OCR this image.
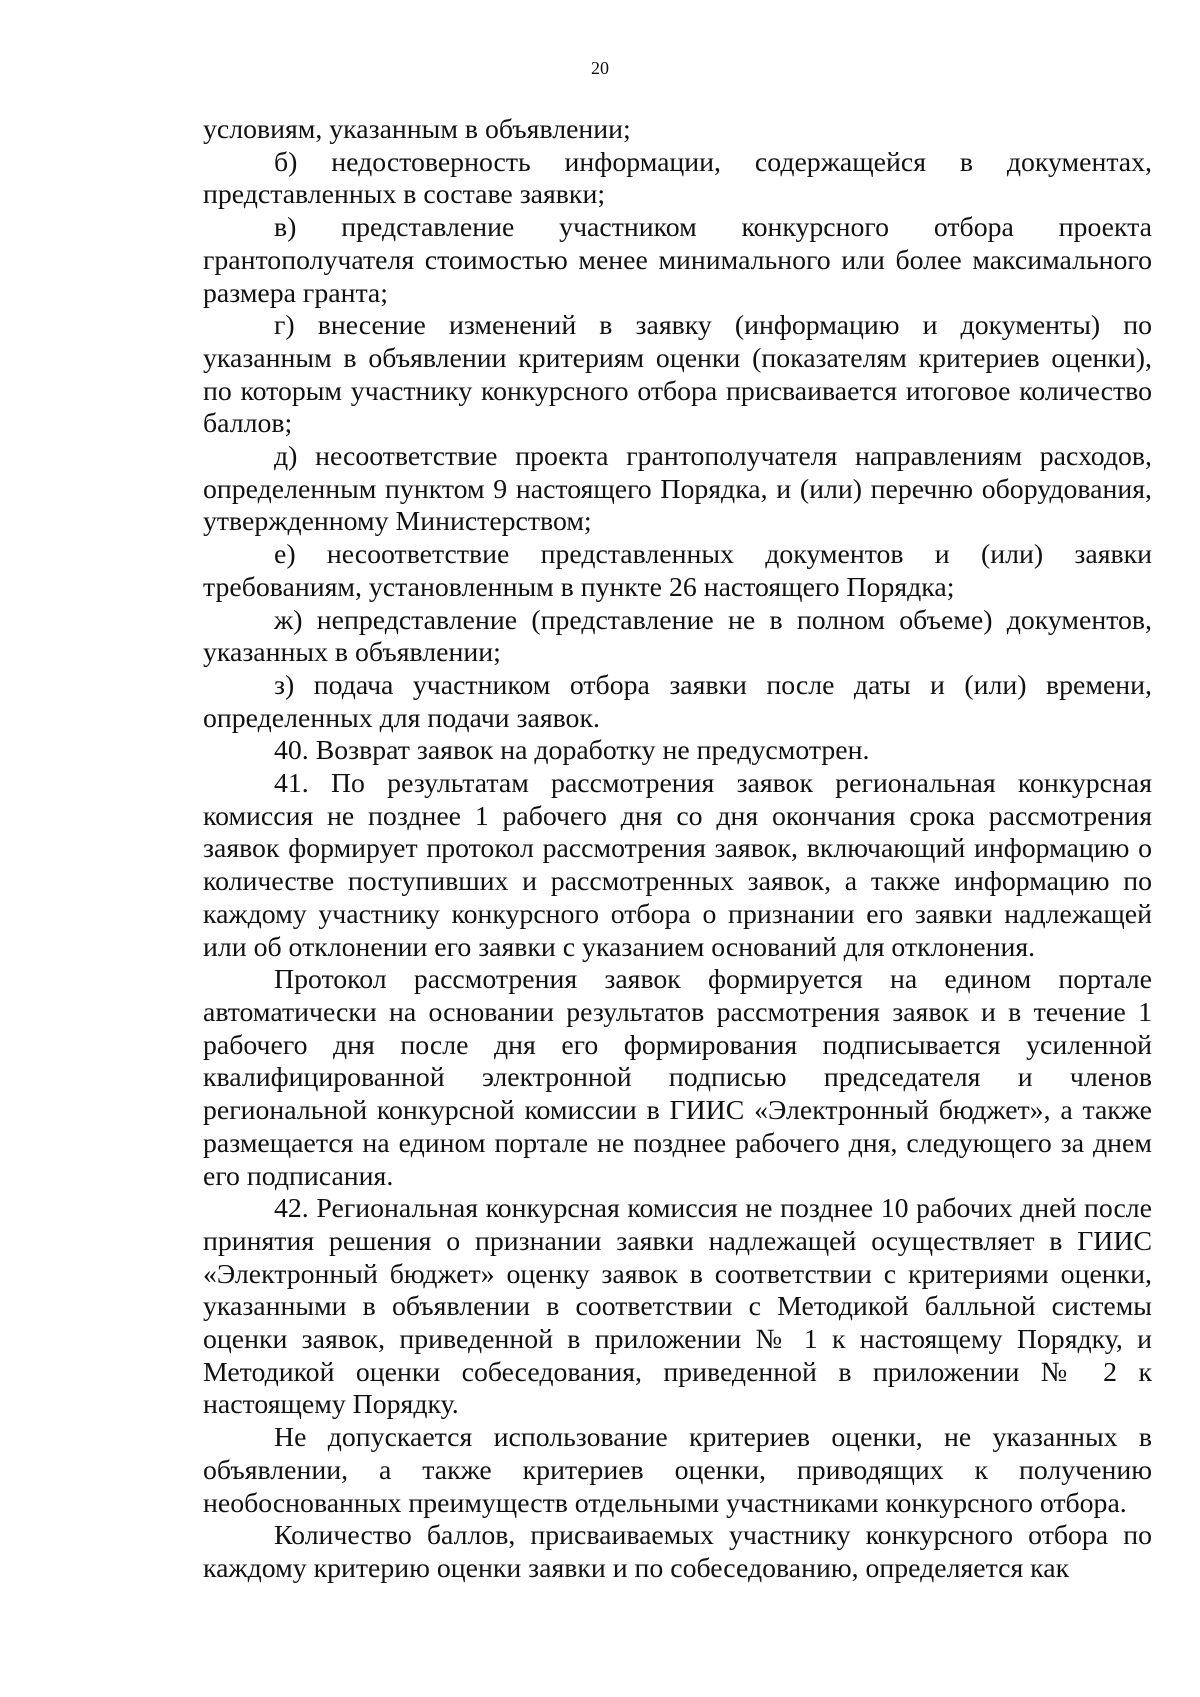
20

условиям, указанным в объявлении;

б) недостоверность информации, содержащейся в документах, представленных в составе заявки;

в) представление участником конкурсного отбора проекта грантополучателя стоимостью менее минимального или более максимального размера гранта;

г) внесение изменений в заявку (информацию и документы) по указанным в объявлении критериям оценки (показателям критериев оценки), по которым участнику конкурсного отбора присваивается итоговое количество баллов;

д) несоответствие проекта грантополучателя направлениям расходов, определенным пунктом 9 настоящего Порядка, и (или) перечню оборудования, утвержденному Министерством;

е) несоответствие представленных документов и (или) заявки требованиям, установленным в пункте 26 настоящего Порядка;

ж) непредставление (представление не в полном объеме) документов, указанных в объявлении;

з) подача участником отбора заявки после даты и (или) времени, определенных для подачи заявок.

40. Возврат заявок на доработку не предусмотрен.

41. По результатам рассмотрения заявок региональная конкурсная комиссия не позднее 1 рабочего дня со дня окончания срока рассмотрения заявок формирует протокол рассмотрения заявок, включающий информацию о количестве поступивших и рассмотренных заявок, а также информацию по каждому участнику конкурсного отбора о признании его заявки надлежащей или об отклонении его заявки с указанием оснований для отклонения.

Протокол рассмотрения заявок формируется на едином портале автоматически на основании результатов рассмотрения заявок и в течение 1 рабочего дня после дня его формирования подписывается усиленной квалифицированной электронной подписью председателя и членов региональной конкурсной комиссии в ГИИС «Электронный бюджет», а также размещается на едином портале не позднее рабочего дня, следующего за днем его подписания.

42. Региональная конкурсная комиссия не позднее 10 рабочих дней после принятия решения о признании заявки надлежащей осуществляет в ГИИС «Электронный бюджет» оценку заявок в соответствии с критериями оценки, указанными в объявлении в соответствии с Методикой балльной системы оценки заявок, приведенной в приложении № 1 к настоящему Порядку, и Методикой оценки собеседования, приведенной в приложении № 2 к настоящему Порядку.

Не допускается использование критериев оценки, не указанных в объявлении, а также критериев оценки, приводящих к получению необоснованных преимуществ отдельными участниками конкурсного отбора.

Количество баллов, присваиваемых участнику конкурсного отбора по каждому критерию оценки заявки и по собеседованию, определяется как
